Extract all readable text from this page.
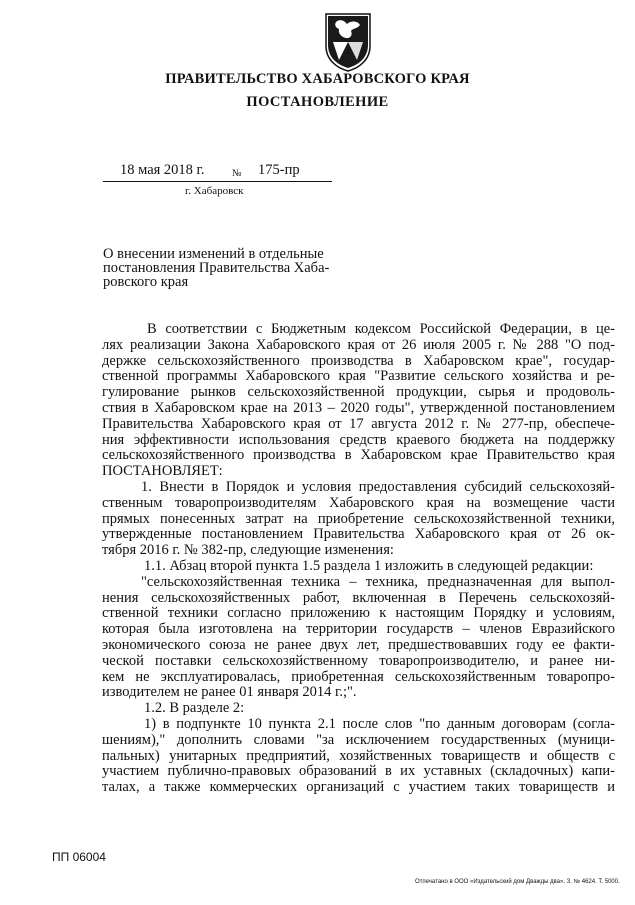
ПРАВИТЕЛЬСТВО ХАБАРОВСКОГО КРАЯ
ПОСТАНОВЛЕНИЕ
18 мая 2018 г.	№ 175-пр
г. Хабаровск
О внесении изменений в отдельные
постановления Правительства Хаба-
ровского края
В соответствии с Бюджетным кодексом Российской Федерации, в це-
лях реализации Закона Хабаровского края от 26 июля 2005 г. № 288 "О под-
держке сельскохозяйственного производства в Хабаровском крае", государ-
ственной программы Хабаровского края "Развитие сельского хозяйства и ре-
гулирование рынков сельскохозяйственной продукции, сырья и продоволь-
ствия в Хабаровском крае на 2013 – 2020 годы", утвержденной постановлением
Правительства Хабаровского края от 17 августа 2012 г. № 277-пр, обеспече-
ния эффективности использования средств краевого бюджета на поддержку
сельскохозяйственного производства в Хабаровском крае Правительство края
ПОСТАНОВЛЯЕТ:
1. Внести в Порядок и условия предоставления субсидий сельскохозяй-
ственным товаропроизводителям Хабаровского края на возмещение части
прямых понесенных затрат на приобретение сельскохозяйственной техники,
утвержденные постановлением Правительства Хабаровского края от 26 ок-
тября 2016 г. № 382-пр, следующие изменения:
1.1. Абзац второй пункта 1.5 раздела 1 изложить в следующей редакции:
"сельскохозяйственная техника – техника, предназначенная для выпол-
нения сельскохозяйственных работ, включенная в Перечень сельскохозяй-
ственной техники согласно приложению к настоящим Порядку и условиям,
которая была изготовлена на территории государств – членов Евразийского
экономического союза не ранее двух лет, предшествовавших году ее факти-
ческой поставки сельскохозяйственному товаропроизводителю, и ранее ни-
кем не эксплуатировалась, приобретенная сельскохозяйственным товаропро-
изводителем не ранее 01 января 2014 г.;".
1.2. В разделе 2:
1) в подпункте 10 пункта 2.1 после слов "по данным договорам (согла-
шениям)," дополнить словами "за исключением государственных (муници-
пальных) унитарных предприятий, хозяйственных товариществ и обществ с
участием публично-правовых образований в их уставных (складочных) капи-
талах, а также коммерческих организаций с участием таких товариществ и
ПП 06004
Отпечатано в ООО «Издательский дом Дважды два». З. № 4624. Т. 5000.
